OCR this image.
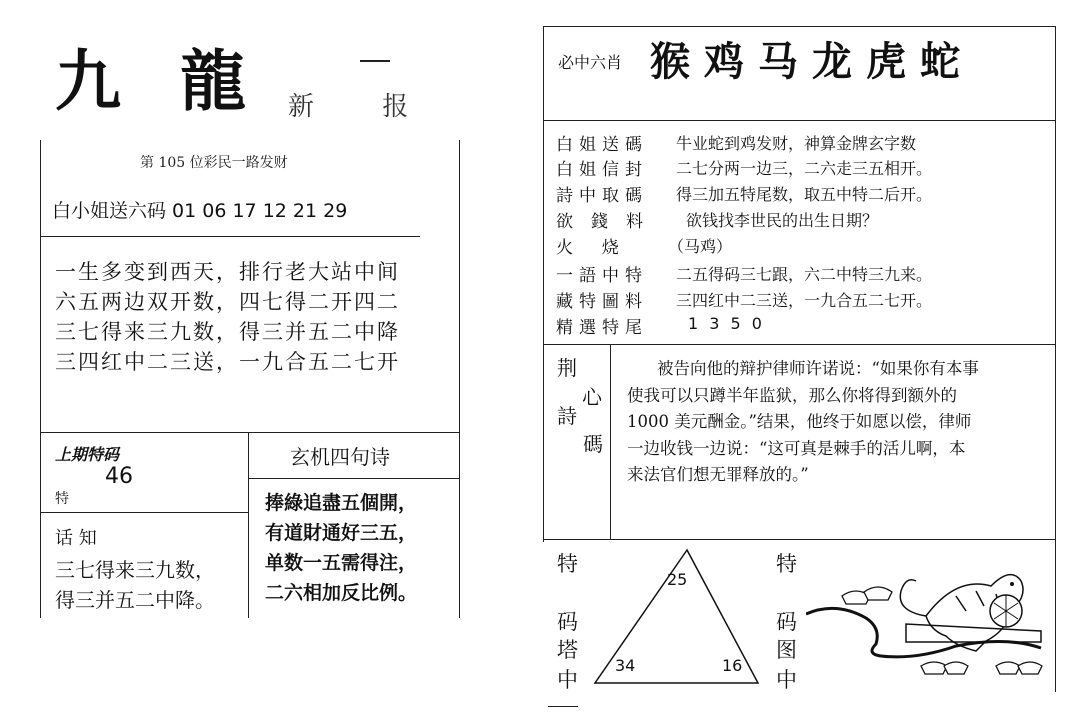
九 龍 新 报
第 105 位彩民一路发财
白小姐送六码 01 06 17 12 21 29
一生多变到西天，排行老大站中间
六五两边双开数，四七得二开四二
三七得来三九数，得三并五二中降
三四红中二三送，一九合五二七开
上期特码
46
特
话 知
三七得来三九数，
得三并五二中降。
玄机四句诗
捧綠追盡五個開，
有道財通好三五，
单数一五需得注，
二六相加反比例。
必中六肖 猴鸡马龙虎蛇
白姐送碼 牛业蛇到鸡发财，神算金牌玄字数
白姐信封 二七分两一边三，二六走三五相开。
詩中取碼 得三加五特尾数，取五中特二后开。
欲錢料 欲钱找李世民的出生日期？
火  烧	（马鸡）
一語中特 二五得码三七跟，六二中特三九来。
藏特圖料 三四红中二三送，一九合五二七开。
精選特尾	1 3 5 0
荆
心
詩
碼
被告向他的辩护律师许诺说：“如果你有本事
使我可以只蹲半年监狱，那么你将得到额外的
1000 美元酬金。”结果，他终于如愿以偿，律师
一边收钱一边说：“这可真是棘手的活儿啊，本
来法官们想无罪释放的。”
特
码
塔
中
特
码
图
中
25
34	16
